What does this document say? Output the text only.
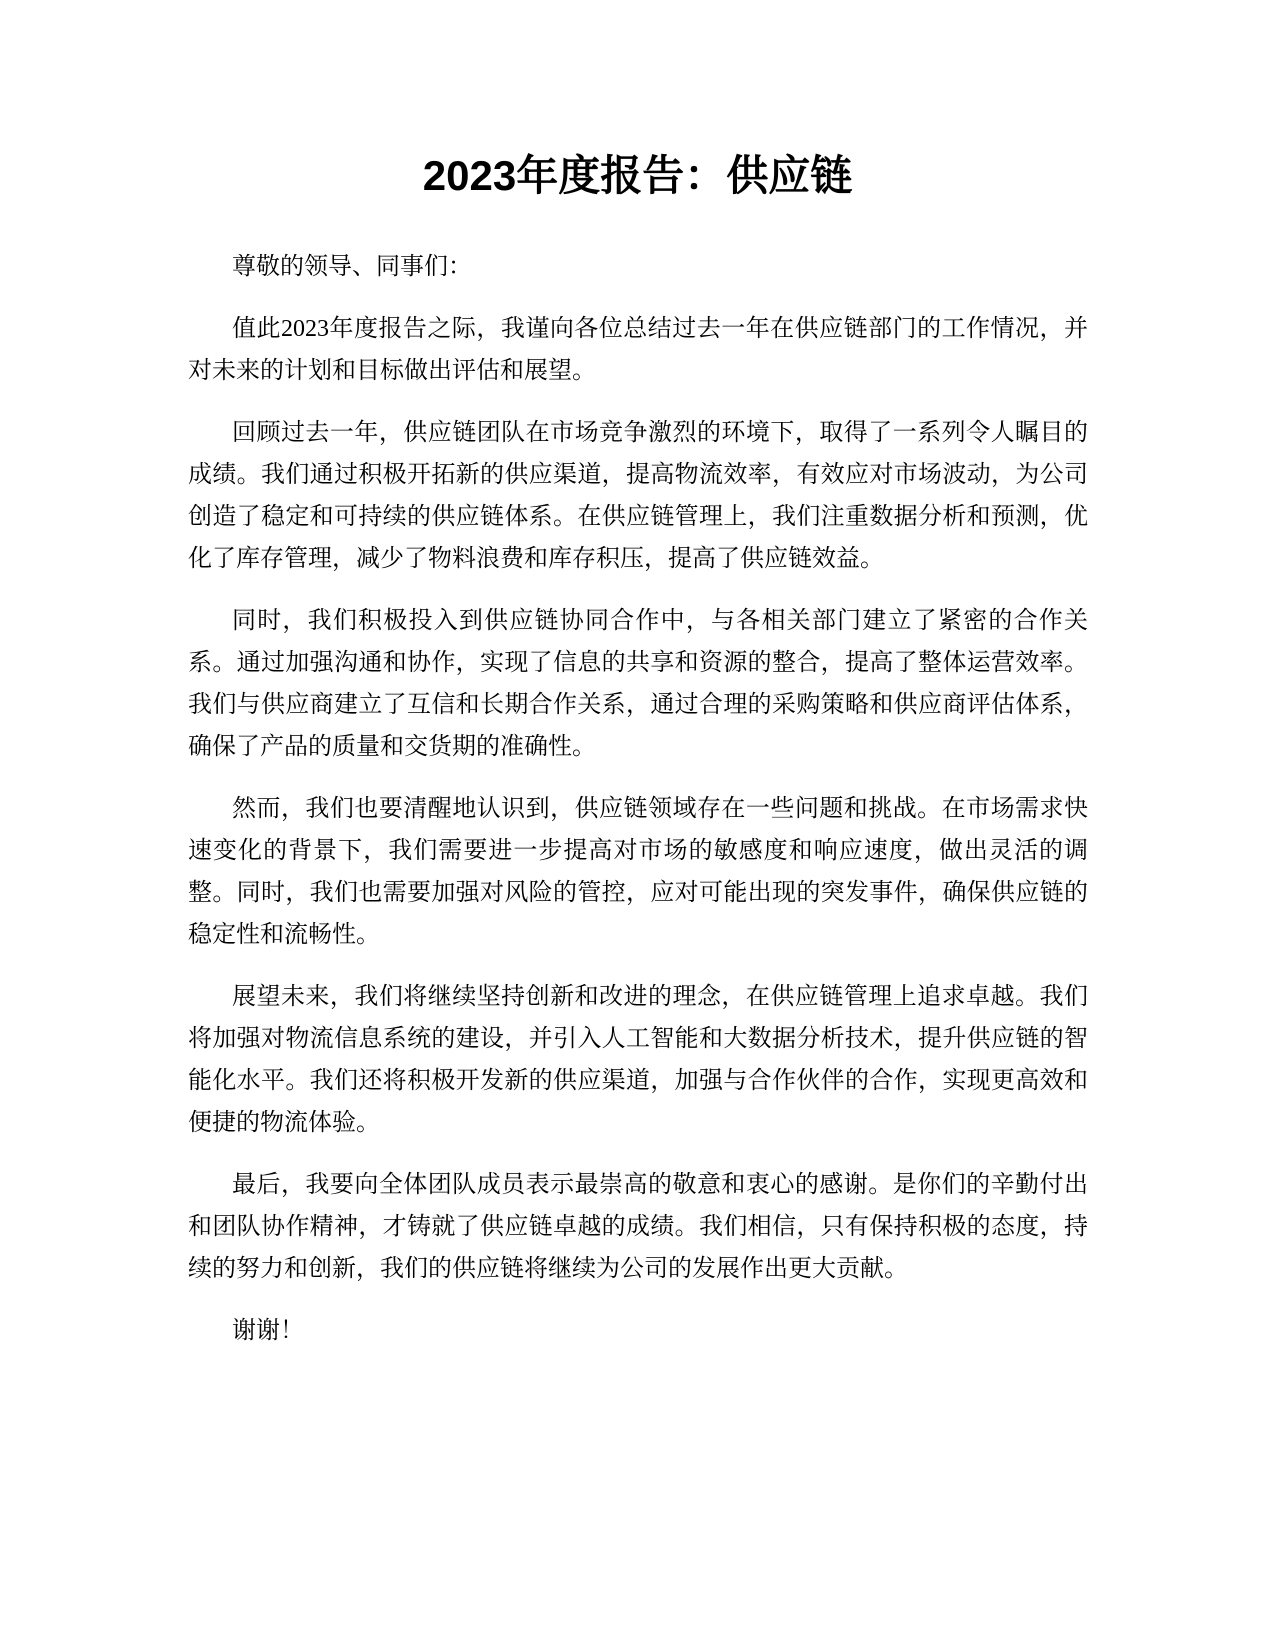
2023年度报告：供应链

尊敬的领导、同事们：

值此2023年度报告之际，我谨向各位总结过去一年在供应链部门的工作情况，并对未来的计划和目标做出评估和展望。

回顾过去一年，供应链团队在市场竞争激烈的环境下，取得了一系列令人瞩目的成绩。我们通过积极开拓新的供应渠道，提高物流效率，有效应对市场波动，为公司创造了稳定和可持续的供应链体系。在供应链管理上，我们注重数据分析和预测，优化了库存管理，减少了物料浪费和库存积压，提高了供应链效益。

同时，我们积极投入到供应链协同合作中，与各相关部门建立了紧密的合作关系。通过加强沟通和协作，实现了信息的共享和资源的整合，提高了整体运营效率。我们与供应商建立了互信和长期合作关系，通过合理的采购策略和供应商评估体系，确保了产品的质量和交货期的准确性。

然而，我们也要清醒地认识到，供应链领域存在一些问题和挑战。在市场需求快速变化的背景下，我们需要进一步提高对市场的敏感度和响应速度，做出灵活的调整。同时，我们也需要加强对风险的管控，应对可能出现的突发事件，确保供应链的稳定性和流畅性。

展望未来，我们将继续坚持创新和改进的理念，在供应链管理上追求卓越。我们将加强对物流信息系统的建设，并引入人工智能和大数据分析技术，提升供应链的智能化水平。我们还将积极开发新的供应渠道，加强与合作伙伴的合作，实现更高效和便捷的物流体验。

最后，我要向全体团队成员表示最崇高的敬意和衷心的感谢。是你们的辛勤付出和团队协作精神，才铸就了供应链卓越的成绩。我们相信，只有保持积极的态度，持续的努力和创新，我们的供应链将继续为公司的发展作出更大贡献。

谢谢！
